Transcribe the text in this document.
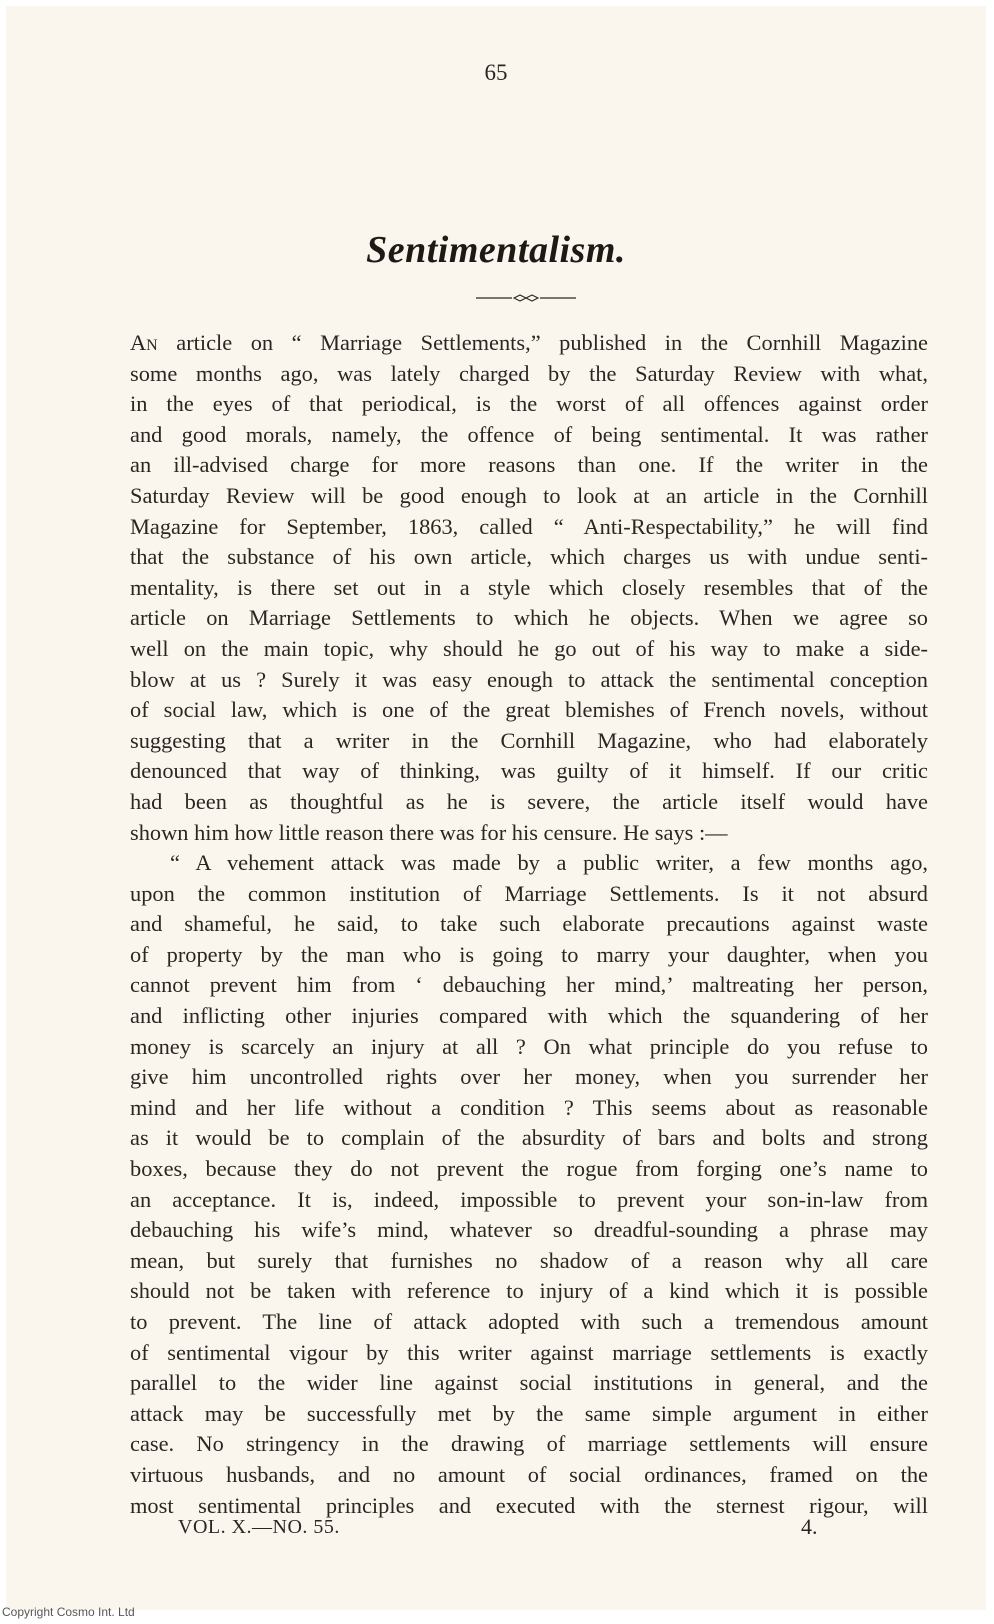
65
Sentimentalism.
An article on “ Marriage Settlements,” published in the Cornhill Magazine
some months ago, was lately charged by the Saturday Review with what,
in the eyes of that periodical, is the worst of all offences against order
and good morals, namely, the offence of being sentimental. It was rather
an ill-advised charge for more reasons than one. If the writer in the
Saturday Review will be good enough to look at an article in the Cornhill
Magazine for September, 1863, called “ Anti-Respectability,” he will find
that the substance of his own article, which charges us with undue senti-
mentality, is there set out in a style which closely resembles that of the
article on Marriage Settlements to which he objects. When we agree so
well on the main topic, why should he go out of his way to make a side-
blow at us ? Surely it was easy enough to attack the sentimental conception
of social law, which is one of the great blemishes of French novels, without
suggesting that a writer in the Cornhill Magazine, who had elaborately
denounced that way of thinking, was guilty of it himself. If our critic
had been as thoughtful as he is severe, the article itself would have
shown him how little reason there was for his censure. He says :—
“ A vehement attack was made by a public writer, a few months ago,
upon the common institution of Marriage Settlements. Is it not absurd
and shameful, he said, to take such elaborate precautions against waste
of property by the man who is going to marry your daughter, when you
cannot prevent him from ‘ debauching her mind,’ maltreating her person,
and inflicting other injuries compared with which the squandering of her
money is scarcely an injury at all ? On what principle do you refuse to
give him uncontrolled rights over her money, when you surrender her
mind and her life without a condition ? This seems about as reasonable
as it would be to complain of the absurdity of bars and bolts and strong
boxes, because they do not prevent the rogue from forging one’s name to
an acceptance. It is, indeed, impossible to prevent your son-in-law from
debauching his wife’s mind, whatever so dreadful-sounding a phrase may
mean, but surely that furnishes no shadow of a reason why all care
should not be taken with reference to injury of a kind which it is possible
to prevent. The line of attack adopted with such a tremendous amount
of sentimental vigour by this writer against marriage settlements is exactly
parallel to the wider line against social institutions in general, and the
attack may be successfully met by the same simple argument in either
case. No stringency in the drawing of marriage settlements will ensure
virtuous husbands, and no amount of social ordinances, framed on the
most sentimental principles and executed with the sternest rigour, will
VOL. X.—NO. 55.	4.
Copyright Cosmo Int. Ltd
